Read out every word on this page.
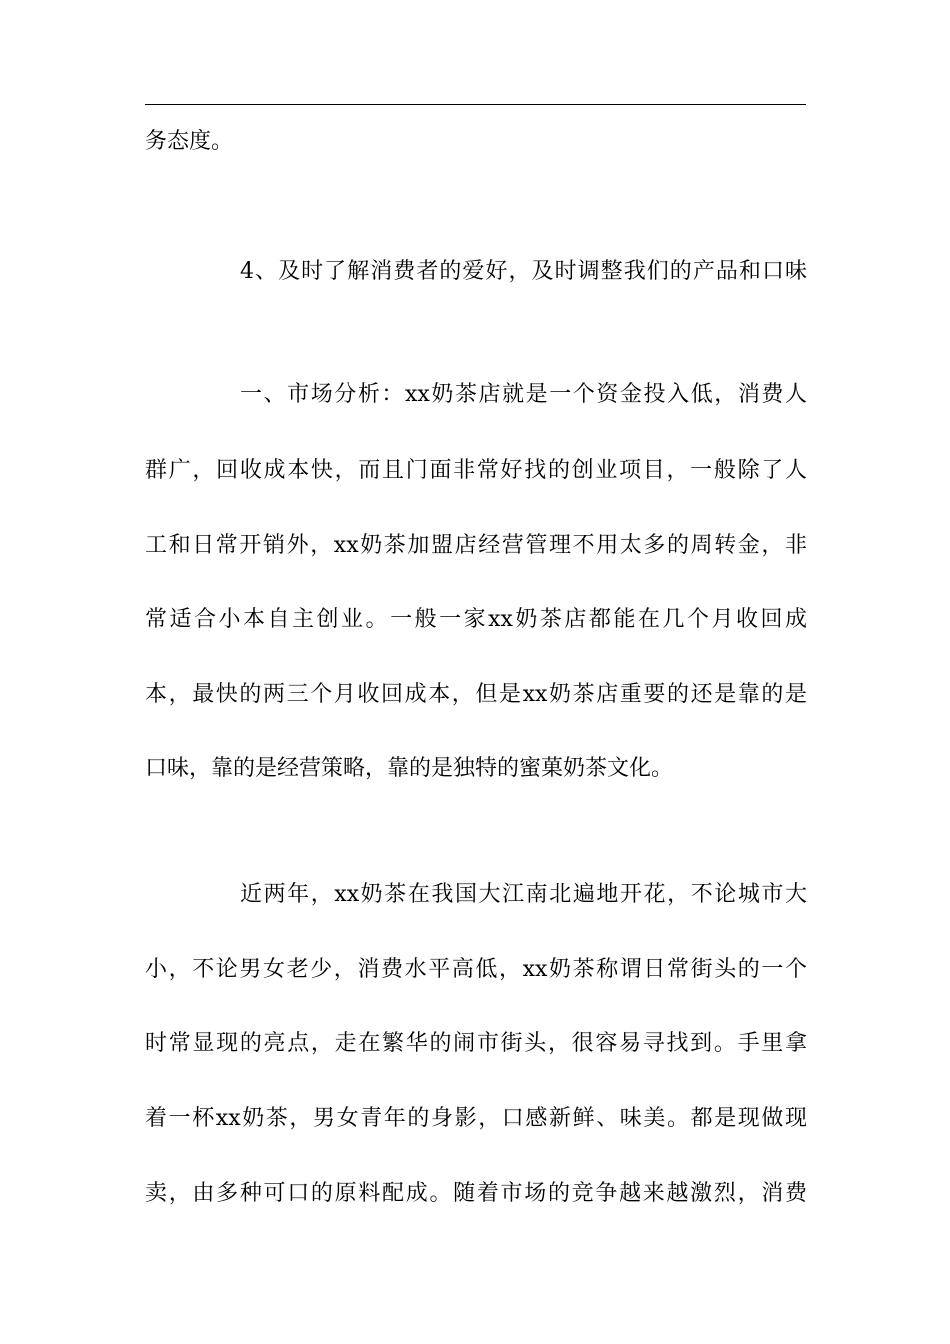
务态度。
4、及时了解消费者的爱好，及时调整我们的产品和口味
一、市场分析：xx奶茶店就是一个资金投入低，消费人
群广，回收成本快，而且门面非常好找的创业项目，一般除了人
工和日常开销外，xx奶茶加盟店经营管理不用太多的周转金，非
常适合小本自主创业。一般一家xx奶茶店都能在几个月收回成
本，最快的两三个月收回成本，但是xx奶茶店重要的还是靠的是
口味，靠的是经营策略，靠的是独特的蜜菓奶茶文化。
近两年，xx奶茶在我国大江南北遍地开花，不论城市大
小，不论男女老少，消费水平高低，xx奶茶称谓日常街头的一个
时常显现的亮点，走在繁华的闹市街头，很容易寻找到。手里拿
着一杯xx奶茶，男女青年的身影，口感新鲜、味美。都是现做现
卖，由多种可口的原料配成。随着市场的竞争越来越激烈，消费
